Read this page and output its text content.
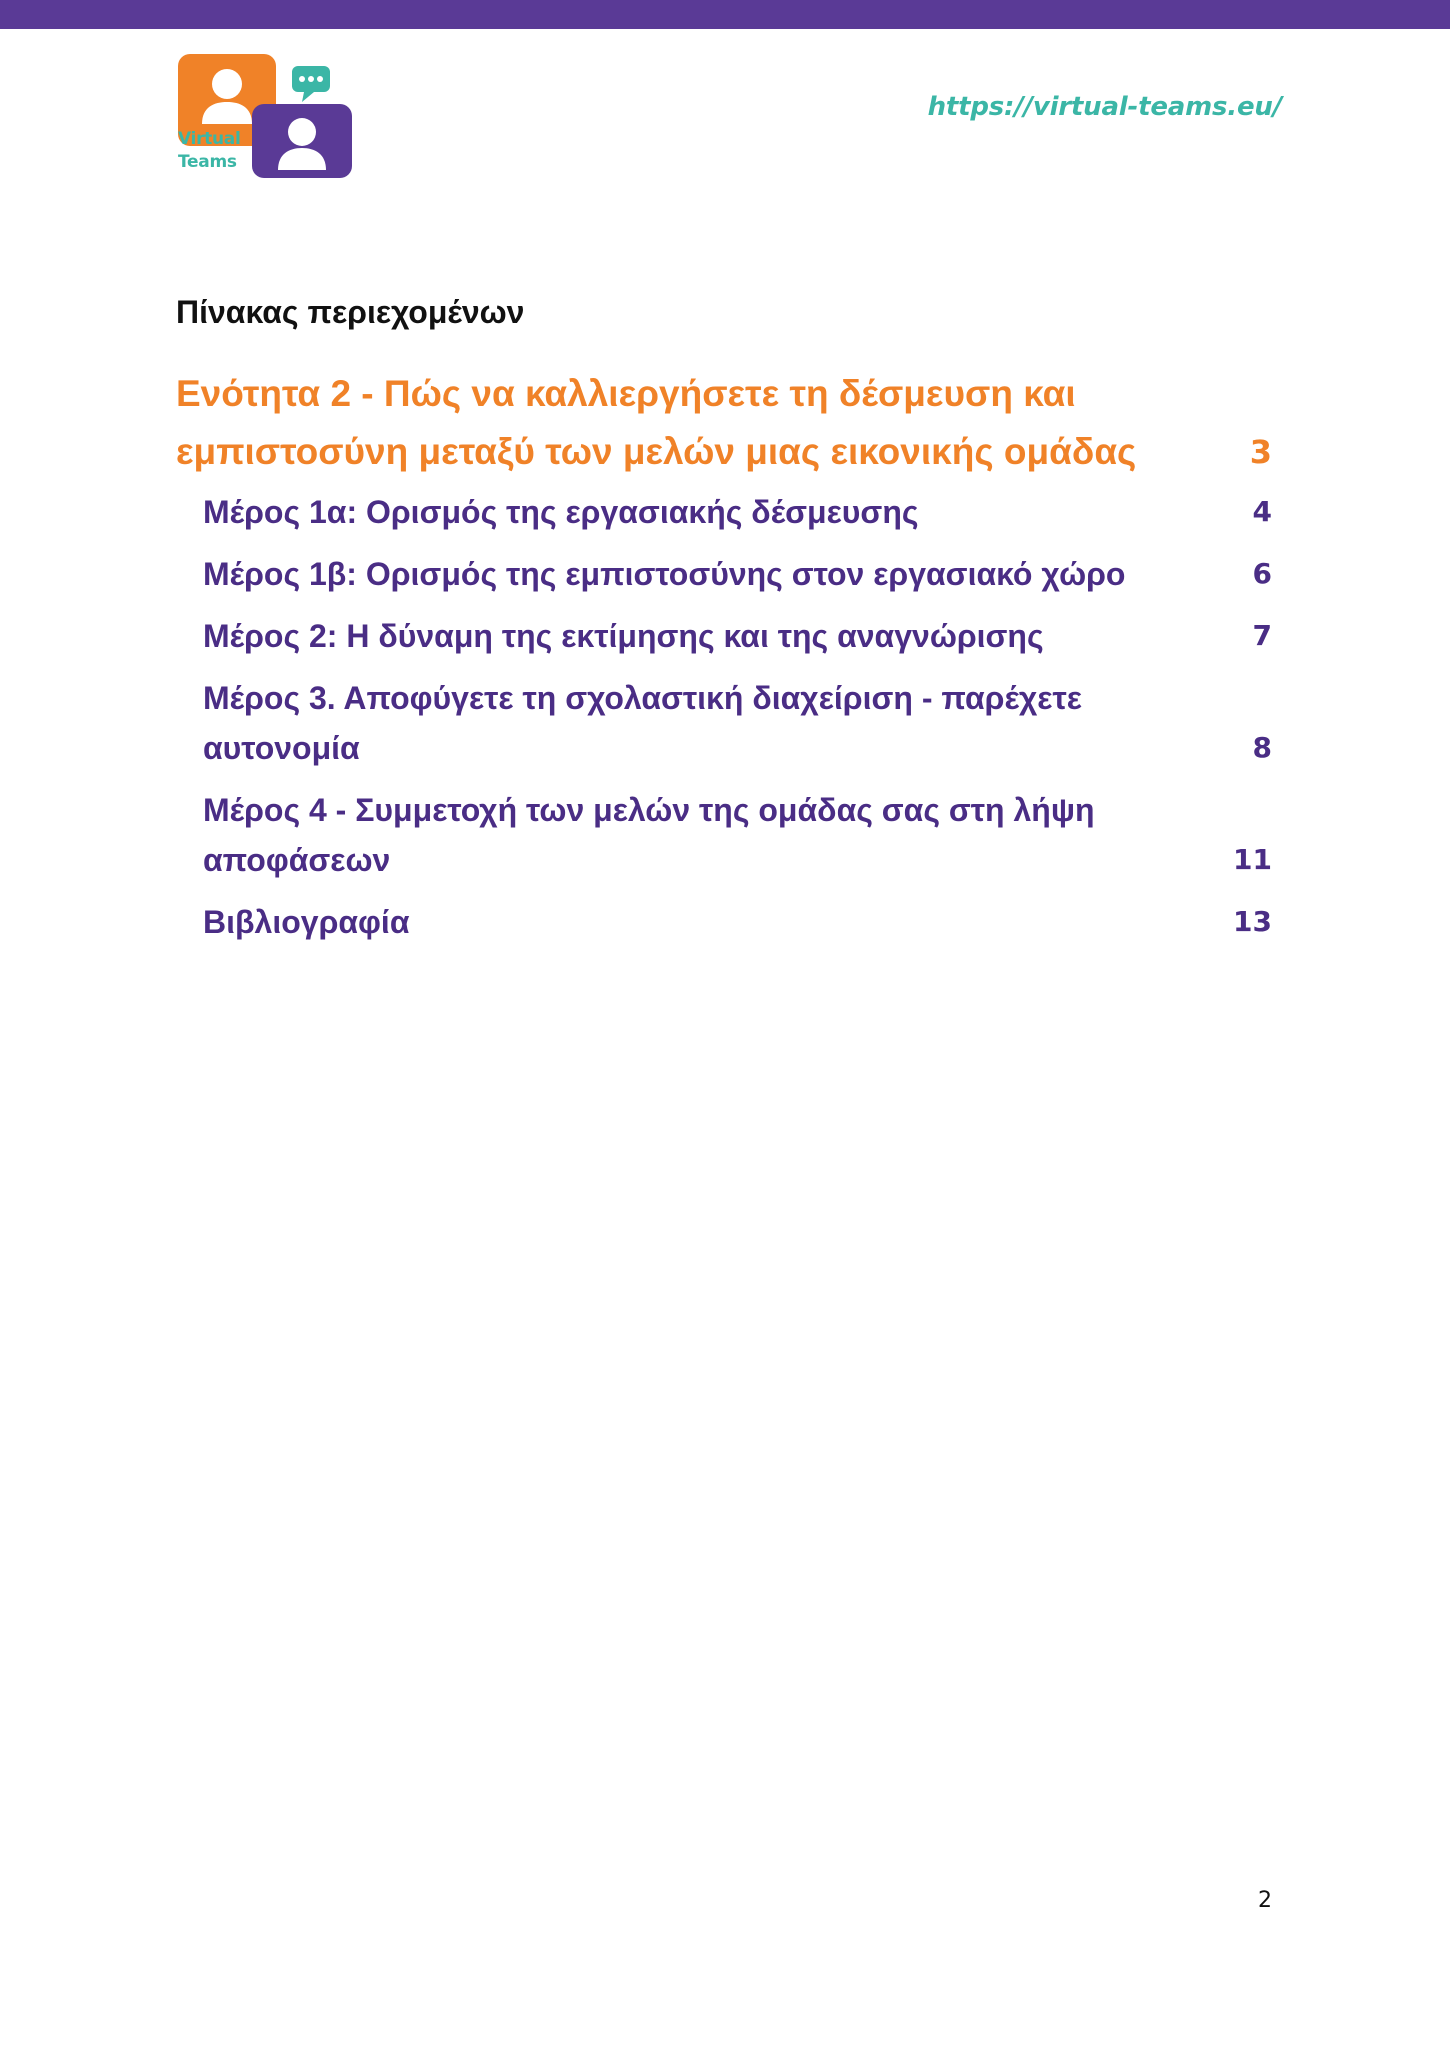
Virtual
Teams
https://virtual-teams.eu/
Πίνακας περιεχομένων
Ενότητα 2 - Πώς να καλλιεργήσετε τη δέσμευση και εμπιστοσύνη μεταξύ των μελών μιας εικονικής ομάδας	3
Μέρος 1α: Ορισμός της εργασιακής δέσμευσης	4
Μέρος 1β: Ορισμός της εμπιστοσύνης στον εργασιακό χώρο	6
Μέρος 2: Η δύναμη της εκτίμησης και της αναγνώρισης	7
Μέρος 3. Αποφύγετε τη σχολαστική διαχείριση - παρέχετε αυτονομία	8
Μέρος 4 - Συμμετοχή των μελών της ομάδας σας στη λήψη αποφάσεων	11
Βιβλιογραφία	13
2
